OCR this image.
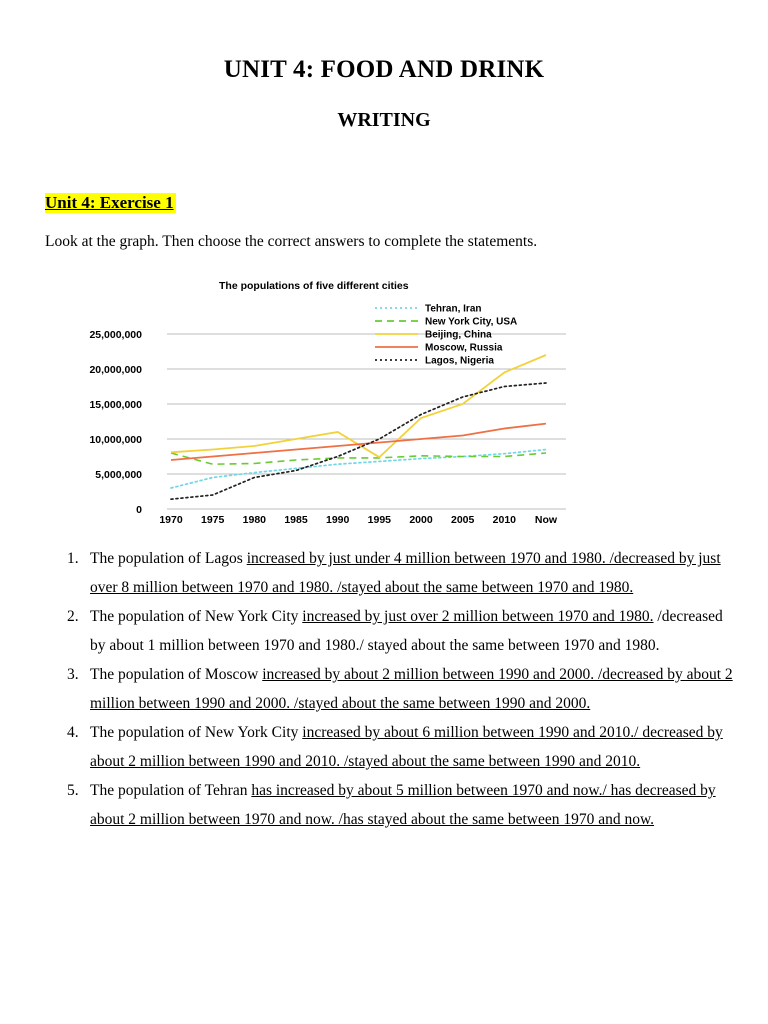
UNIT 4: FOOD AND DRINK
WRITING
Unit 4: Exercise 1
Look at the graph. Then choose the correct answers to complete the statements.
The populations of five different cities
0
5,000,000
10,000,000
15,000,000
20,000,000
25,000,000
1970 1975 1980 1985 1990 1995 2000 2005 2010 Now
Tehran, Iran
New York City, USA
Beijing, China
Moscow, Russia
Lagos, Nigeria
1. The population of Lagos increased by just under 4 million between 1970 and 1980. /decreased by just over 8 million between 1970 and 1980. /stayed about the same between 1970 and 1980.
2. The population of New York City increased by just over 2 million between 1970 and 1980. /decreased by about 1 million between 1970 and 1980./ stayed about the same between 1970 and 1980.
3. The population of Moscow increased by about 2 million between 1990 and 2000. /decreased by about 2 million between 1990 and 2000. /stayed about the same between 1990 and 2000.
4. The population of New York City increased by about 6 million between 1990 and 2010./ decreased by about 2 million between 1990 and 2010. /stayed about the same between 1990 and 2010.
5. The population of Tehran has increased by about 5 million between 1970 and now./ has decreased by about 2 million between 1970 and now. /has stayed about the same between 1970 and now.
